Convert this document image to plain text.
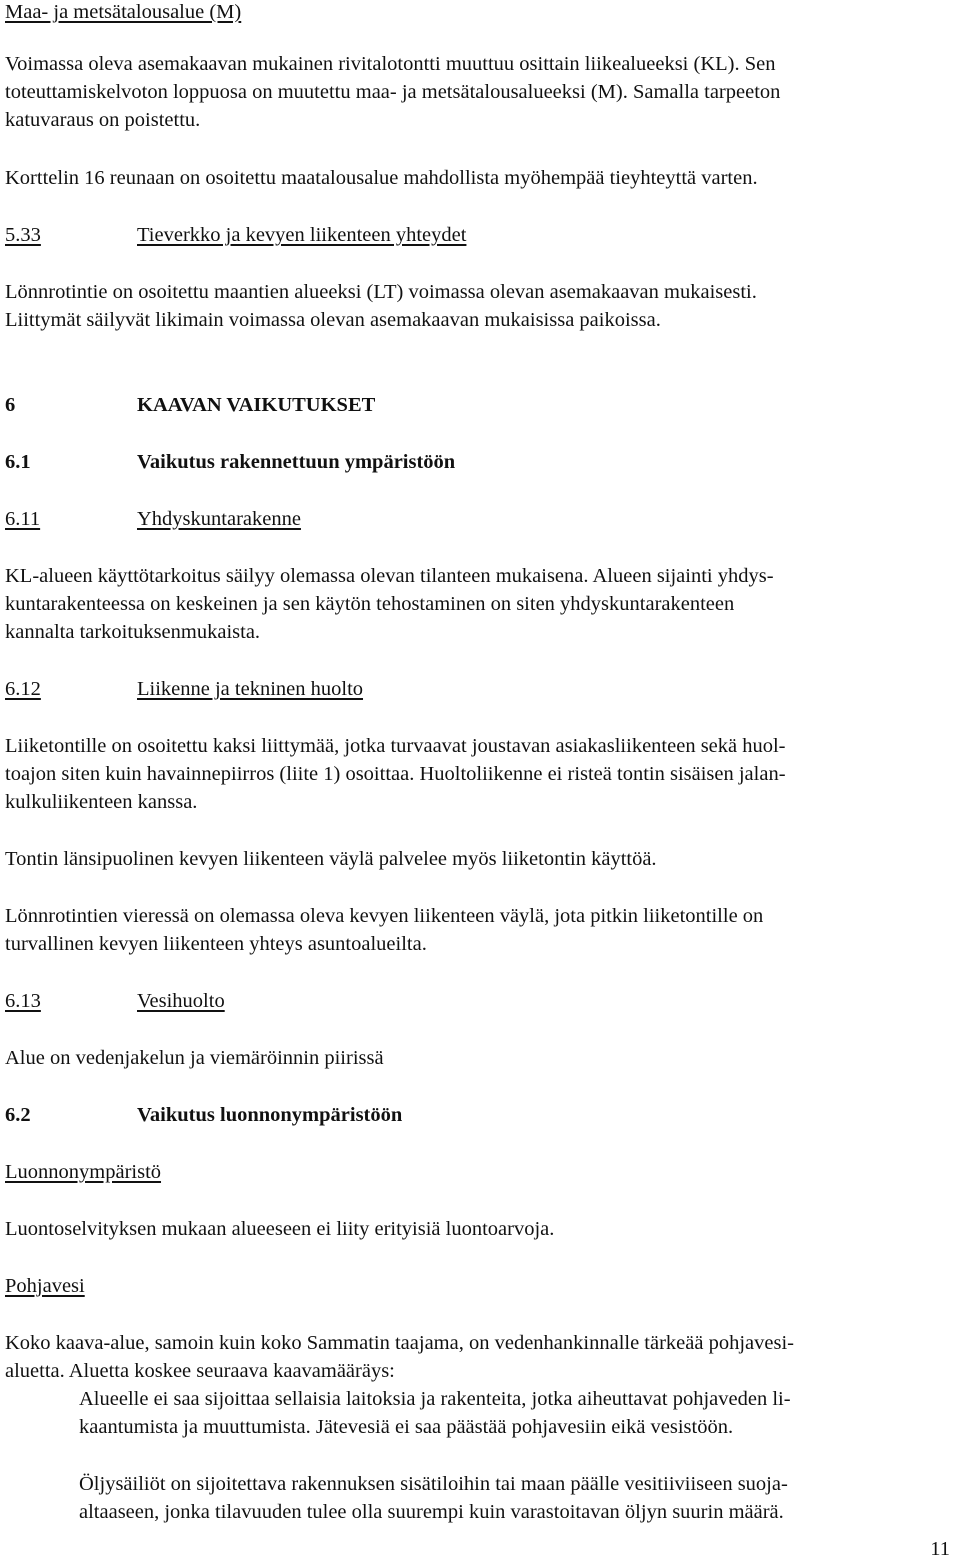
Maa- ja metsätalousalue (M)
Voimassa oleva asemakaavan mukainen rivitalotontti muuttuu osittain liikealueeksi (KL). Sen
toteuttamiskelvoton loppuosa on muutettu maa- ja metsätalousalueeksi (M). Samalla tarpeeton
katuvaraus on poistettu.
Korttelin 16 reunaan on osoitettu maatalousalue mahdollista myöhempää tieyhteyttä varten.
5.33	Tieverkko ja kevyen liikenteen yhteydet
Lönnrotintie on osoitettu maantien alueeksi (LT) voimassa olevan asemakaavan mukaisesti.
Liittymät säilyvät likimain voimassa olevan asemakaavan mukaisissa paikoissa.
6	KAAVAN VAIKUTUKSET
6.1	Vaikutus rakennettuun ympäristöön
6.11	Yhdyskuntarakenne
KL-alueen käyttötarkoitus säilyy olemassa olevan tilanteen mukaisena. Alueen sijainti yhdys-
kuntarakenteessa on keskeinen ja sen käytön tehostaminen on siten yhdyskuntarakenteen
kannalta tarkoituksenmukaista.
6.12	Liikenne ja tekninen huolto
Liiketontille on osoitettu kaksi liittymää, jotka turvaavat joustavan asiakasliikenteen sekä huol-
toajon siten kuin havainnepiirros (liite 1) osoittaa. Huoltoliikenne ei risteä tontin sisäisen jalan-
kulkuliikenteen kanssa.
Tontin länsipuolinen kevyen liikenteen väylä palvelee myös liiketontin käyttöä.
Lönnrotintien vieressä on olemassa oleva kevyen liikenteen väylä, jota pitkin liiketontille on
turvallinen kevyen liikenteen yhteys asuntoalueilta.
6.13	Vesihuolto
Alue on vedenjakelun ja viemäröinnin piirissä
6.2	Vaikutus luonnonympäristöön
Luonnonympäristö
Luontoselvityksen mukaan alueeseen ei liity erityisiä luontoarvoja.
Pohjavesi
Koko kaava-alue, samoin kuin koko Sammatin taajama, on vedenhankinnalle tärkeää pohjavesi-
aluetta. Aluetta koskee seuraava kaavamääräys:
Alueelle ei saa sijoittaa sellaisia laitoksia ja rakenteita, jotka aiheuttavat pohjaveden li-
kaantumista ja muuttumista. Jätevesiä ei saa päästää pohjavesiin eikä vesistöön.
Öljysäiliöt on sijoitettava rakennuksen sisätiloihin tai maan päälle vesitiiviiseen suoja-
altaaseen, jonka tilavuuden tulee olla suurempi kuin varastoitavan öljyn suurin määrä.
11
